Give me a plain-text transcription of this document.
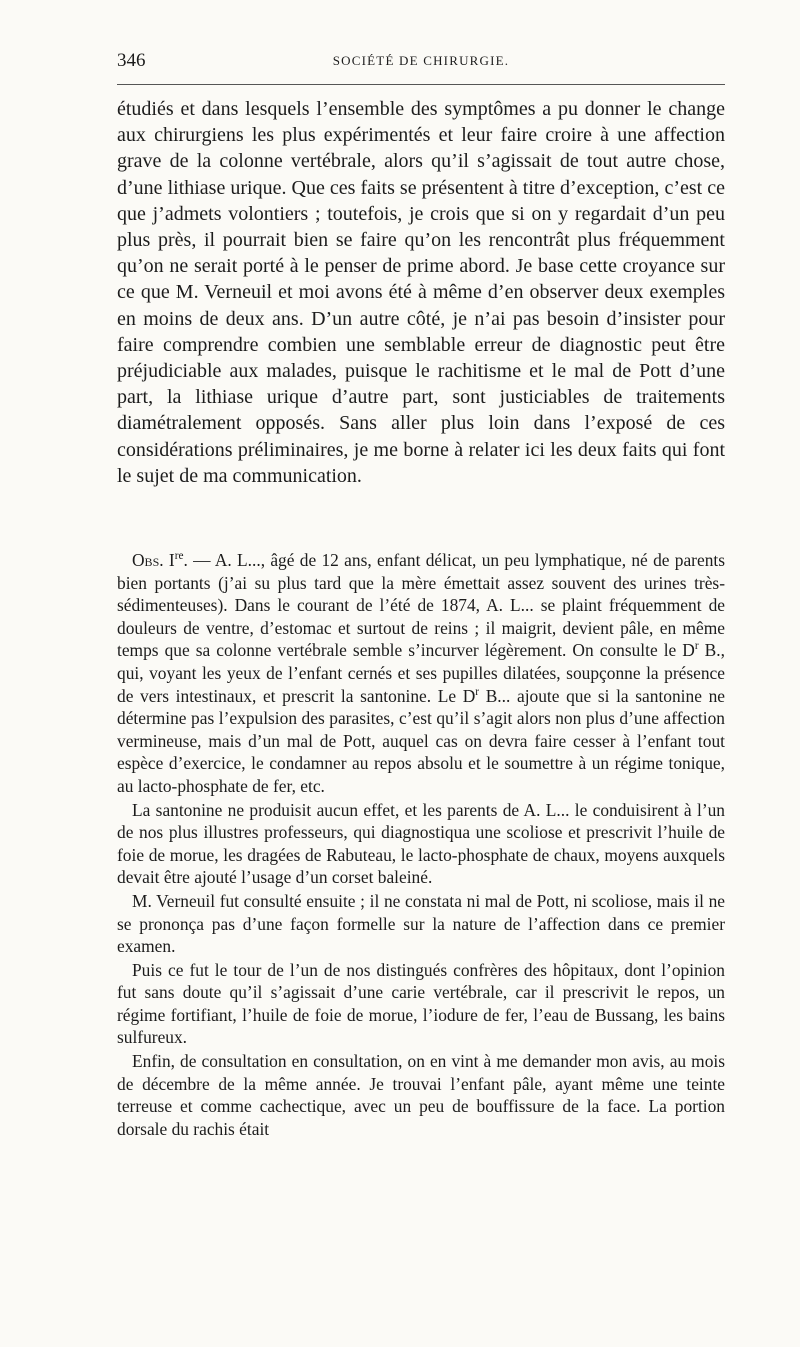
346	SOCIÉTÉ DE CHIRURGIE.

étudiés et dans lesquels l’ensemble des symptômes a pu donner le change aux chirurgiens les plus expérimentés et leur faire croire à une affection grave de la colonne vertébrale, alors qu’il s’agissait de tout autre chose, d’une lithiase urique. Que ces faits se présentent à titre d’exception, c’est ce que j’admets volontiers ; toutefois, je crois que si on y regardait d’un peu plus près, il pourrait bien se faire qu’on les rencontrât plus fréquemment qu’on ne serait porté à le penser de prime abord. Je base cette croyance sur ce que M. Verneuil et moi avons été à même d’en observer deux exemples en moins de deux ans. D’un autre côté, je n’ai pas besoin d’insister pour faire comprendre combien une semblable erreur de diagnostic peut être préjudiciable aux malades, puisque le rachitisme et le mal de Pott d’une part, la lithiase urique d’autre part, sont justiciables de traitements diamétralement opposés. Sans aller plus loin dans l’exposé de ces considérations préliminaires, je me borne à relater ici les deux faits qui font le sujet de ma communication.

Obs. Ire. — A. L..., âgé de 12 ans, enfant délicat, un peu lymphatique, né de parents bien portants (j’ai su plus tard que la mère émettait assez souvent des urines très-sédimenteuses). Dans le courant de l’été de 1874, A. L... se plaint fréquemment de douleurs de ventre, d’estomac et surtout de reins ; il maigrit, devient pâle, en même temps que sa colonne vertébrale semble s’incurver légèrement. On consulte le $D^r$ B., qui, voyant les yeux de l’enfant cernés et ses pupilles dilatées, soupçonne la présence de vers intestinaux, et prescrit la santonine. Le $D^r$ B... ajoute que si la santonine ne détermine pas l’expulsion des parasites, c’est qu’il s’agit alors non plus d’une affection vermineuse, mais d’un mal de Pott, auquel cas on devra faire cesser à l’enfant tout espèce d’exercice, le condamner au repos absolu et le soumettre à un régime tonique, au lacto-phosphate de fer, etc.

La santonine ne produisit aucun effet, et les parents de A. L... le conduisirent à l’un de nos plus illustres professeurs, qui diagnostiqua une scoliose et prescrivit l’huile de foie de morue, les dragées de Rabuteau, le lacto-phosphate de chaux, moyens auxquels devait être ajouté l’usage d’un corset baleiné.

M. Verneuil fut consulté ensuite ; il ne constata ni mal de Pott, ni scoliose, mais il ne se prononça pas d’une façon formelle sur la nature de l’affection dans ce premier examen.

Puis ce fut le tour de l’un de nos distingués confrères des hôpitaux, dont l’opinion fut sans doute qu’il s’agissait d’une carie vertébrale, car il prescrivit le repos, un régime fortifiant, l’huile de foie de morue, l’iodure de fer, l’eau de Bussang, les bains sulfureux.

Enfin, de consultation en consultation, on en vint à me demander mon avis, au mois de décembre de la même année. Je trouvai l’enfant pâle, ayant même une teinte terreuse et comme cachectique, avec un peu de bouffissure de la face. La portion dorsale du rachis était
